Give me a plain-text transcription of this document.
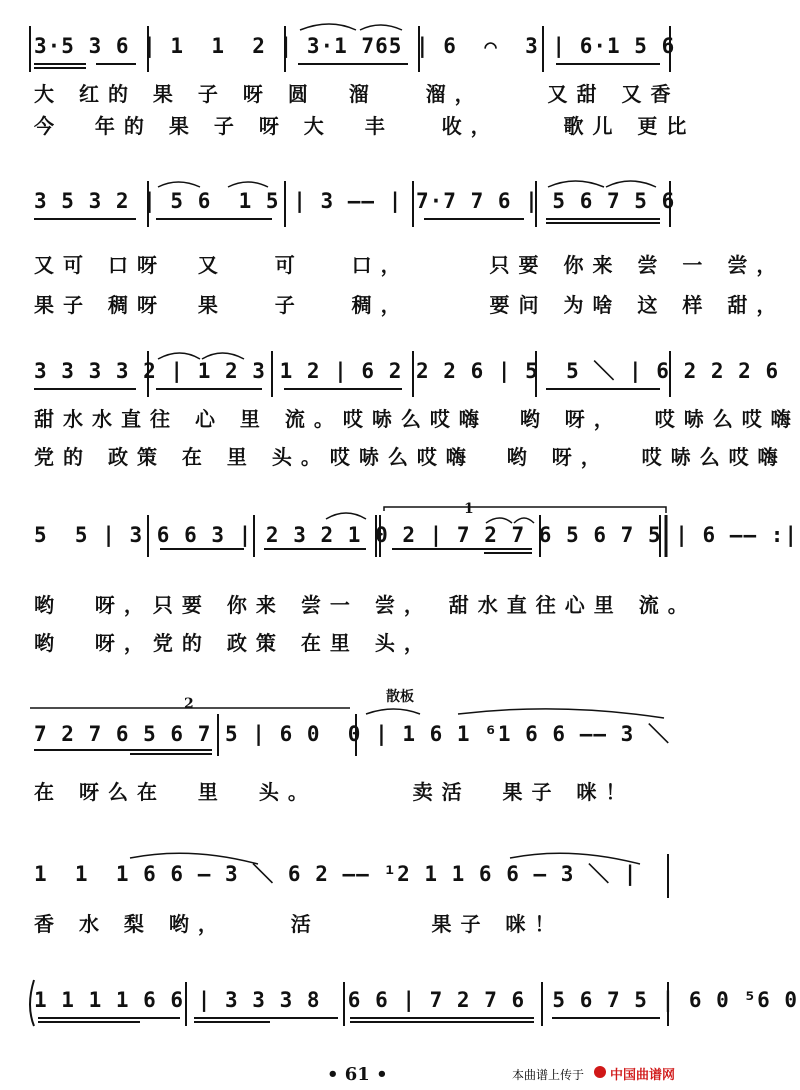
3·5 3 6 | 1  1  2 | 3·1 765 | 6  ⌒  3 | 6·1 5 6
大 红的 果 子 呀 圆  溜   溜，    又甜 又香
今  年的 果 子 呀 大  丰   收，    歌儿 更比
3 5 3 2 | 5 6  1 5 | 3 —— | 7·7 7 6 | 5 6 7 5 6
又可 口呀  又   可   口，     只要 你来 尝 一 尝，
果子 稠呀  果   子   稠，     要问 为啥 这 样 甜，
3 3 3 3 2 | 1 2 3 1 2 | 6 2 2 2 6 | 5  5 ＼ | 6 2 2 2 6
甜水水直往 心 里 流。哎哧么哎嗨  哟 呀，  哎哧么哎嗨
党的 政策 在 里 头。哎哧么哎嗨  哟 呀，  哎哧么哎嗨
5  5 | 3 6 6 3 | 2 3 2 1 0 2 | 7 2 7 6 5 6 7 5 | 6 —— :|
1
哟  呀，只要 你来 尝一 尝， 甜水直往心里 流。
哟  呀，党的 政策 在里 头，
2	散板
7 2 7 6 5 6 7 5 | 6 0  0 | 1 6 1 ⁶1 6 6 —— 3 ＼
在 呀么在  里  头。      卖活  果子 咪！
1  1  1 6 6 — 3 ＼ 6 2 —— ¹2 1 1 6 6 — 3 ＼ |
香 水 梨 哟，    活       果子 咪！
1 1 1 1 6 6 | 3 3 3 8  6 6 | 7 2 7 6  5 6 7 5 | 6 0 ⁵6 0
• 61 •	本曲谱上传于 中国曲谱网
